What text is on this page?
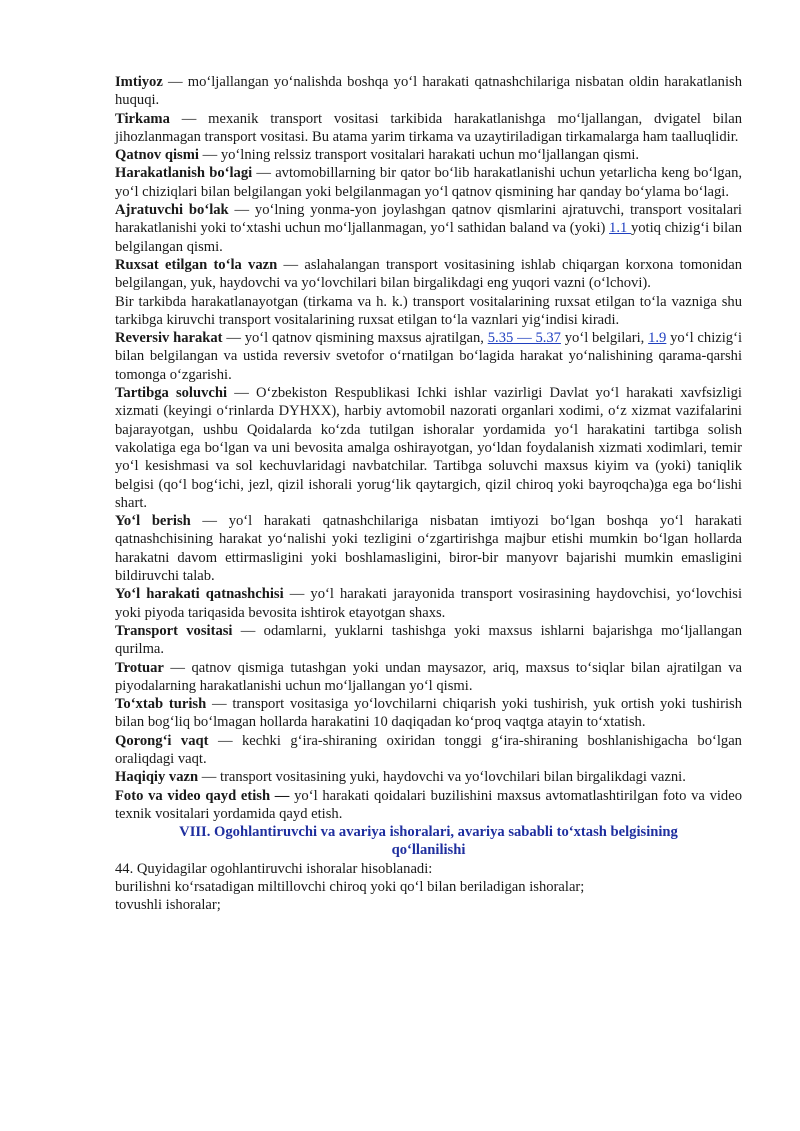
Imtiyoz — mo‘ljallangan yo‘nalishda boshqa yo‘l harakati qatnashchilariga nisbatan oldin harakatlanish huquqi.

Tirkama — mexanik transport vositasi tarkibida harakatlanishga mo‘ljallangan, dvigatel bilan jihozlanmagan transport vositasi. Bu atama yarim tirkama va uzaytiriladigan tirkamalarga ham taalluqlidir.

Qatnov qismi — yo‘lning relssiz transport vositalari harakati uchun mo‘ljallangan qismi.

Harakatlanish bo‘lagi — avtomobillarning bir qator bo‘lib harakatlanishi uchun yetarlicha keng bo‘lgan, yo‘l chiziqlari bilan belgilangan yoki belgilanmagan yo‘l qatnov qismining har qanday bo‘ylama bo‘lagi.

Ajratuvchi bo‘lak — yo‘lning yonma-yon joylashgan qatnov qismlarini ajratuvchi, transport vositalari harakatlanishi yoki to‘xtashi uchun mo‘ljallanmagan, yo‘l sathidan baland va (yoki) 1.1 yotiq chizig‘i bilan belgilangan qismi.

Ruxsat etilgan to‘la vazn — aslahalangan transport vositasining ishlab chiqargan korxona tomonidan belgilangan, yuk, haydovchi va yo‘lovchilari bilan birgalikdagi eng yuqori vazni (o‘lchovi).

Bir tarkibda harakatlanayotgan (tirkama va h. k.) transport vositalarining ruxsat etilgan to‘la vazniga shu tarkibga kiruvchi transport vositalarining ruxsat etilgan to‘la vaznlari yig‘indisi kiradi.

Reversiv harakat — yo‘l qatnov qismining maxsus ajratilgan, 5.35 — 5.37 yo‘l belgilari, 1.9 yo‘l chizig‘i bilan belgilangan va ustida reversiv svetofor o‘rnatilgan bo‘lagida harakat yo‘nalishining qarama-qarshi tomonga o‘zgarishi.

Tartibga soluvchi — O‘zbekiston Respublikasi Ichki ishlar vazirligi Davlat yo‘l harakati xavfsizligi xizmati (keyingi o‘rinlarda DYHXX), harbiy avtomobil nazorati organlari xodimi, o‘z xizmat vazifalarini bajarayotgan, ushbu Qoidalarda ko‘zda tutilgan ishoralar yordamida yo‘l harakatini tartibga solish vakolatiga ega bo‘lgan va uni bevosita amalga oshirayotgan, yo‘ldan foydalanish xizmati xodimlari, temir yo‘l kesishmasi va sol kechuvlaridagi navbatchilar. Tartibga soluvchi maxsus kiyim va (yoki) taniqlik belgisi (qo‘l bog‘ichi, jezl, qizil ishorali yorug‘lik qaytargich, qizil chiroq yoki bayroqcha)ga ega bo‘lishi shart.

Yo‘l berish — yo‘l harakati qatnashchilariga nisbatan imtiyozi bo‘lgan boshqa yo‘l harakati qatnashchisining harakat yo‘nalishi yoki tezligini o‘zgartirishga majbur etishi mumkin bo‘lgan hollarda harakatni davom ettirmasligini yoki boshlamasligini, biror-bir manyovr bajarishi mumkin emasligini bildiruvchi talab.

Yo‘l harakati qatnashchisi — yo‘l harakati jarayonida transport vosirasining haydovchisi, yo‘lovchisi yoki piyoda tariqasida bevosita ishtirok etayotgan shaxs.

Transport vositasi — odamlarni, yuklarni tashishga yoki maxsus ishlarni bajarishga mo‘ljallangan qurilma.

Trotuar — qatnov qismiga tutashgan yoki undan maysazor, ariq, maxsus to‘siqlar bilan ajratilgan va piyodalarning harakatlanishi uchun mo‘ljallangan yo‘l qismi.

To‘xtab turish — transport vositasiga yo‘lovchilarni chiqarish yoki tushirish, yuk ortish yoki tushirish bilan bog‘liq bo‘lmagan hollarda harakatini 10 daqiqadan ko‘proq vaqtga atayin to‘xtatish.

Qorong‘i vaqt — kechki g‘ira-shiraning oxiridan tonggi g‘ira-shiraning boshlanishigacha bo‘lgan oraliqdagi vaqt.

Haqiqiy vazn — transport vositasining yuki, haydovchi va yo‘lovchilari bilan birgalikdagi vazni.

Foto va video qayd etish — yo‘l harakati qoidalari buzilishini maxsus avtomatlashtirilgan foto va video texnik vositalari yordamida qayd etish.

VIII. Ogohlantiruvchi va avariya ishoralari, avariya sababli to‘xtash belgisining qo‘llanilishi

44. Quyidagilar ogohlantiruvchi ishoralar hisoblanadi:

burilishni ko‘rsatadigan miltillovchi chiroq yoki qo‘l bilan beriladigan ishoralar;

tovushli ishoralar;
